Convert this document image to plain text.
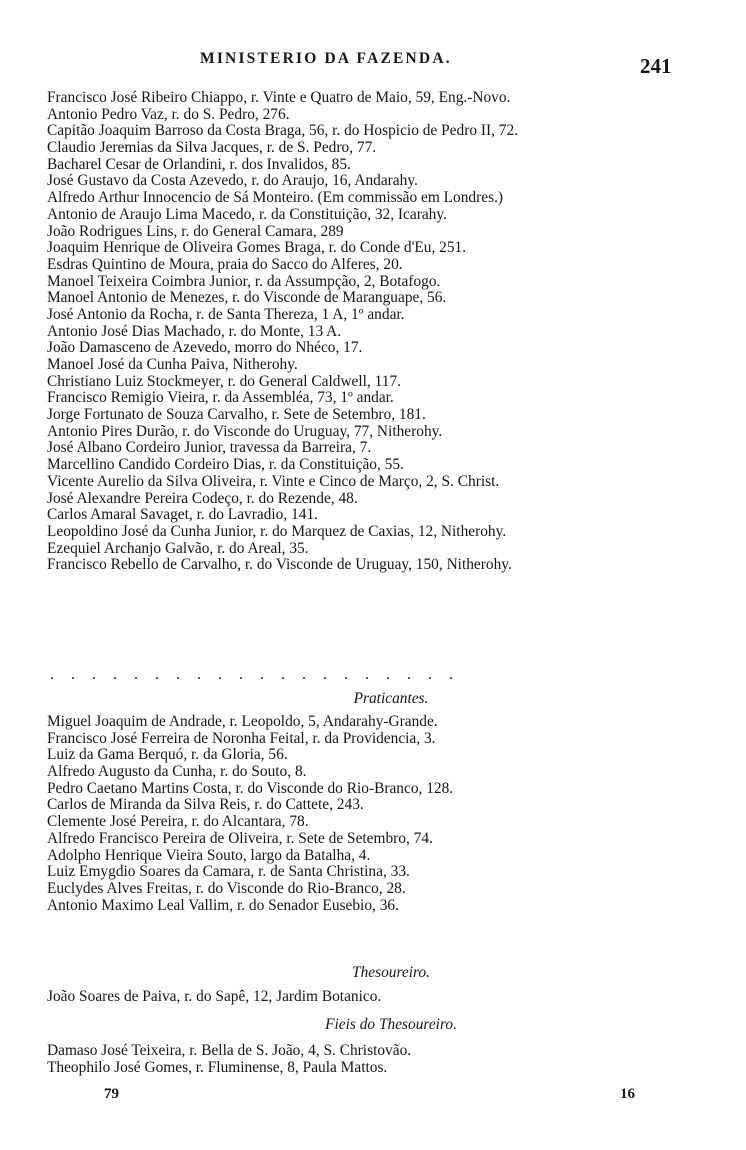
MINISTERIO DA FAZENDA.	241
Francisco José Ribeiro Chiappo, r. Vinte e Quatro de Maio, 59, Eng.-Novo.
Antonio Pedro Vaz, r. do S. Pedro, 276.
Capitão Joaquim Barroso da Costa Braga, 56, r. do Hospicio de Pedro II, 72.
Claudio Jeremias da Silva Jacques, r. de S. Pedro, 77.
Bacharel Cesar de Orlandini, r. dos Invalidos, 85.
José Gustavo da Costa Azevedo, r. do Araujo, 16, Andarahy.
Alfredo Arthur Innocencio de Sá Monteiro. (Em commissão em Londres.)
Antonio de Araujo Lima Macedo, r. da Constituição, 32, Icarahy.
João Rodrigues Lins, r. do General Camara, 289
Joaquim Henrique de Oliveira Gomes Braga, r. do Conde d'Eu, 251.
Esdras Quintino de Moura, praia do Sacco do Alferes, 20.
Manoel Teixeira Coimbra Junior, r. da Assumpção, 2, Botafogo.
Manoel Antonio de Menezes, r. do Visconde de Maranguape, 56.
José Antonio da Rocha, r. de Santa Thereza, 1 A, 1º andar.
Antonio José Dias Machado, r. do Monte, 13 A.
João Damasceno de Azevedo, morro do Nhéco, 17.
Manoel José da Cunha Paiva, Nitherohy.
Christiano Luiz Stockmeyer, r. do General Caldwell, 117.
Francisco Remigio Vieira, r. da Assembléa, 73, 1º andar.
Jorge Fortunato de Souza Carvalho, r. Sete de Setembro, 181.
Antonio Pires Durão, r. do Visconde do Uruguay, 77, Nitherohy.
José Albano Cordeiro Junior, travessa da Barreira, 7.
Marcellino Candido Cordeiro Dias, r. da Constituição, 55.
Vicente Aurelio da Silva Oliveira, r. Vinte e Cinco de Março, 2, S. Christ.
José Alexandre Pereira Codeço, r. do Rezende, 48.
Carlos Amaral Savaget, r. do Lavradio, 141.
Leopoldino José da Cunha Junior, r. do Marquez de Caxias, 12, Nitherohy.
Ezequiel Archanjo Galvão, r. do Areal, 35.
Francisco Rebello de Carvalho, r. do Visconde de Uruguay, 150, Nitherohy.
....................
Praticantes.
Miguel Joaquim de Andrade, r. Leopoldo, 5, Andarahy-Grande.
Francisco José Ferreira de Noronha Feital, r. da Providencia, 3.
Luiz da Gama Berquó, r. da Gloria, 56.
Alfredo Augusto da Cunha, r. do Souto, 8.
Pedro Caetano Martins Costa, r. do Visconde do Rio-Branco, 128.
Carlos de Miranda da Silva Reis, r. do Cattete, 243.
Clemente José Pereira, r. do Alcantara, 78.
Alfredo Francisco Pereira de Oliveira, r. Sete de Setembro, 74.
Adolpho Henrique Vieira Souto, largo da Batalha, 4.
Luiz Emygdio Soares da Camara, r. de Santa Christina, 33.
Euclydes Alves Freitas, r. do Visconde do Rio-Branco, 28.
Antonio Maximo Leal Vallim, r. do Senador Eusebio, 36.
Thesoureiro.
João Soares de Paiva, r. do Sapê, 12, Jardim Botanico.
Fieis do Thesoureiro.
Damaso José Teixeira, r. Bella de S. João, 4, S. Christovão.
Theophilo José Gomes, r. Fluminense, 8, Paula Mattos.
79	16
